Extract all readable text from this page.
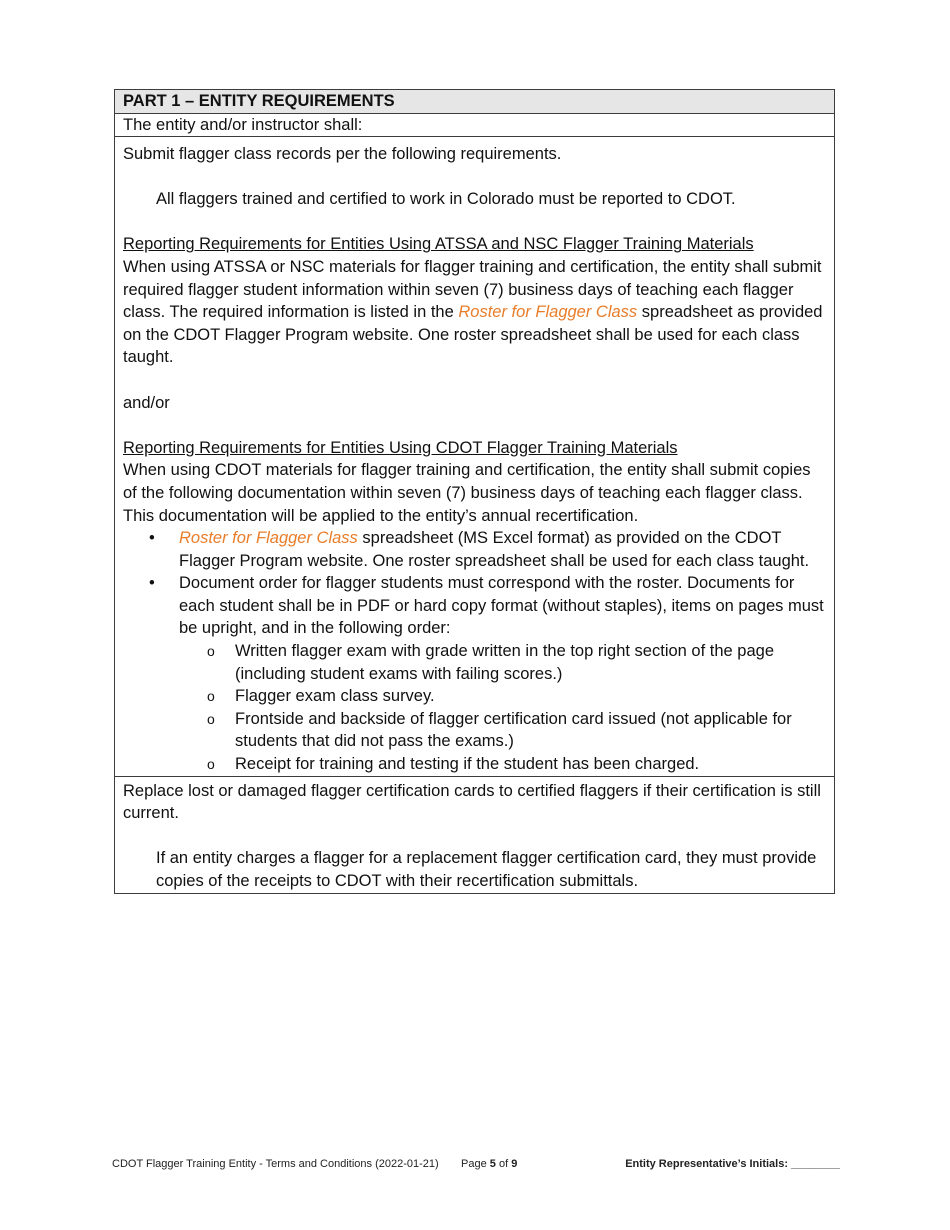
PART 1 – ENTITY REQUIREMENTS
The entity and/or instructor shall:

Submit flagger class records per the following requirements.

All flaggers trained and certified to work in Colorado must be reported to CDOT.

Reporting Requirements for Entities Using ATSSA and NSC Flagger Training Materials

When using ATSSA or NSC materials for flagger training and certification, the entity shall submit required flagger student information within seven (7) business days of teaching each flagger class. The required information is listed in the Roster for Flagger Class spreadsheet as provided on the CDOT Flagger Program website. One roster spreadsheet shall be used for each class taught.

and/or

Reporting Requirements for Entities Using CDOT Flagger Training Materials

When using CDOT materials for flagger training and certification, the entity shall submit copies of the following documentation within seven (7) business days of teaching each flagger class. This documentation will be applied to the entity’s annual recertification.

• Roster for Flagger Class spreadsheet (MS Excel format) as provided on the CDOT Flagger Program website. One roster spreadsheet shall be used for each class taught.
• Document order for flagger students must correspond with the roster. Documents for each student shall be in PDF or hard copy format (without staples), items on pages must be upright, and in the following order:
o Written flagger exam with grade written in the top right section of the page (including student exams with failing scores.)
o Flagger exam class survey.
o Frontside and backside of flagger certification card issued (not applicable for students that did not pass the exams.)
o Receipt for training and testing if the student has been charged.

Replace lost or damaged flagger certification cards to certified flaggers if their certification is still current.

If an entity charges a flagger for a replacement flagger certification card, they must provide copies of the receipts to CDOT with their recertification submittals.

CDOT Flagger Training Entity - Terms and Conditions (2022-01-21) Page 5 of 9	Entity Representative’s Initials: ________
